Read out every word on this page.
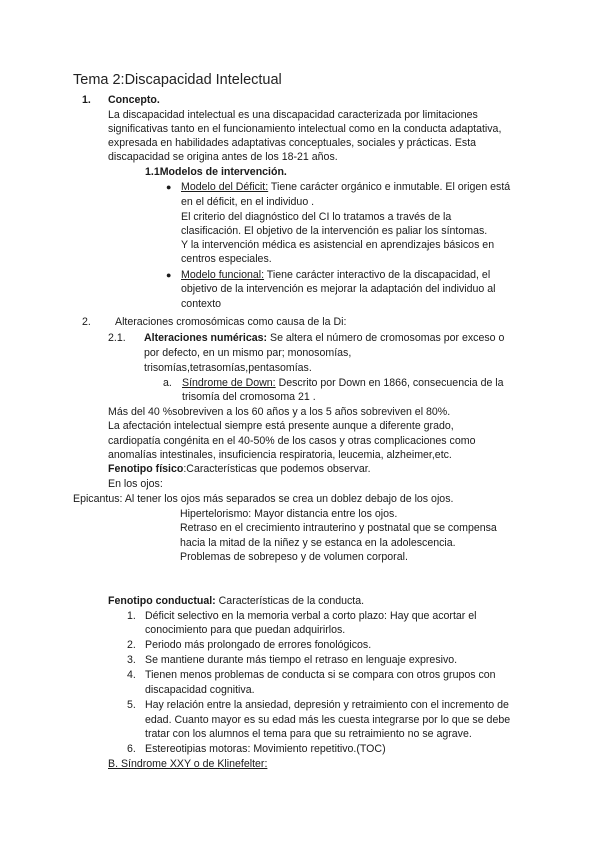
Tema 2:Discapacidad Intelectual
1. Concepto.
La discapacidad intelectual es una discapacidad caracterizada por limitaciones
significativas tanto en el funcionamiento intelectual como en la conducta adaptativa,
expresada en habilidades adaptativas conceptuales, sociales y prácticas. Esta
discapacidad se origina antes de los 18-21 años.
1.1Modelos de intervención.
● Modelo del Déficit: Tiene carácter orgánico e inmutable. El origen está
en el déficit, en el individuo .
El criterio del diagnóstico del CI lo tratamos a través de la
clasificación. El objetivo de la intervención es paliar los síntomas.
Y la intervención médica es asistencial en aprendizajes básicos en
centros especiales.
● Modelo funcional: Tiene carácter interactivo de la discapacidad, el
objetivo de la intervención es mejorar la adaptación del individuo al
contexto
2. Alteraciones cromosómicas como causa de la Di:
2.1. Alteraciones numéricas: Se altera el número de cromosomas por exceso o
por defecto, en un mismo par; monosomías,
trisomías,tetrasomías,pentasomías.
a. Síndrome de Down: Descrito por Down en 1866, consecuencia de la
trisomía del cromosoma 21 .
Más del 40 %sobreviven a los 60 años y a los 5 años sobreviven el 80%.
La afectación intelectual siempre está presente aunque a diferente grado,
cardiopatía congénita en el 40-50% de los casos y otras complicaciones como
anomalías intestinales, insuficiencia respiratoria, leucemia, alzheimer,etc.
Fenotipo físico:Características que podemos observar.
En los ojos:
Epicantus: Al tener los ojos más separados se crea un doblez debajo de los ojos.
Hipertelorismo: Mayor distancia entre los ojos.
Retraso en el crecimiento intrauterino y postnatal que se compensa
hacia la mitad de la niñez y se estanca en la adolescencia.
Problemas de sobrepeso y de volumen corporal.
Fenotipo conductual: Características de la conducta.
1. Déficit selectivo en la memoria verbal a corto plazo: Hay que acortar el
conocimiento para que puedan adquirirlos.
2. Periodo más prolongado de errores fonológicos.
3. Se mantiene durante más tiempo el retraso en lenguaje expresivo.
4. Tienen menos problemas de conducta si se compara con otros grupos con
discapacidad cognitiva.
5. Hay relación entre la ansiedad, depresión y retraimiento con el incremento de
edad. Cuanto mayor es su edad más les cuesta integrarse por lo que se debe
tratar con los alumnos el tema para que su retraimiento no se agrave.
6. Estereotipias motoras: Movimiento repetitivo.(TOC)
B. Síndrome XXY o de Klinefelter:
